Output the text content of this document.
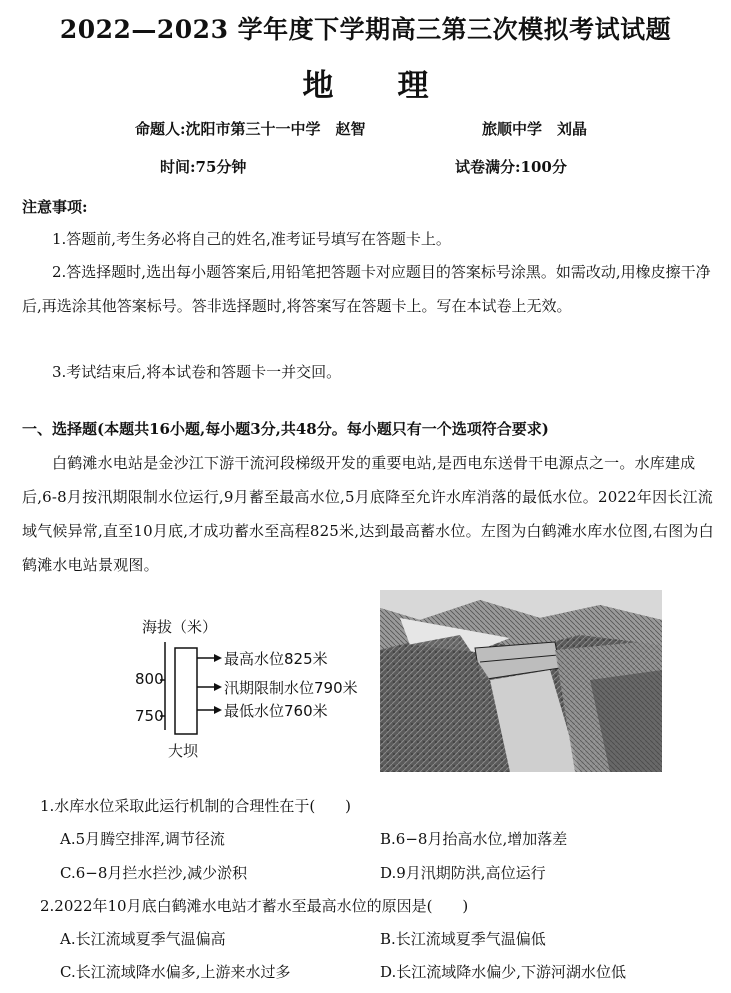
2022—2023 学年度下学期高三第三次模拟考试试题
地 理
命题人:沈阳市第三十一中学　赵智	旅顺中学　刘晶
时间:75分钟	试卷满分:100分
注意事项:
1.答题前,考生务必将自己的姓名,准考证号填写在答题卡上。
2.答选择题时,选出每小题答案后,用铅笔把答题卡对应题目的答案标号涂黑。如需改动,用橡皮擦干净后,再选涂其他答案标号。答非选择题时,将答案写在答题卡上。写在本试卷上无效。
3.考试结束后,将本试卷和答题卡一并交回。
一、选择题(本题共16小题,每小题3分,共48分。每小题只有一个选项符合要求)
白鹤滩水电站是金沙江下游干流河段梯级开发的重要电站,是西电东送骨干电源点之一。水库建成后,6-8月按汛期限制水位运行,9月蓄至最高水位,5月底降至允许水库消落的最低水位。2022年因长江流域气候异常,直至10月底,才成功蓄水至高程825米,达到最高蓄水位。左图为白鹤滩水库水位图,右图为白鹤滩水电站景观图。
海拔（米）
800
750
最高水位825米
汛期限制水位790米
最低水位760米
大坝
1.水库水位采取此运行机制的合理性在于(　　)
A.5月腾空排浑,调节径流	B.6−8月抬高水位,增加落差
C.6−8月拦水拦沙,减少淤积	D.9月汛期防洪,高位运行
2.2022年10月底白鹤滩水电站才蓄水至最高水位的原因是(　　)
A.长江流域夏季气温偏高	B.长江流域夏季气温偏低
C.长江流域降水偏多,上游来水过多	D.长江流域降水偏少,下游河湖水位低
